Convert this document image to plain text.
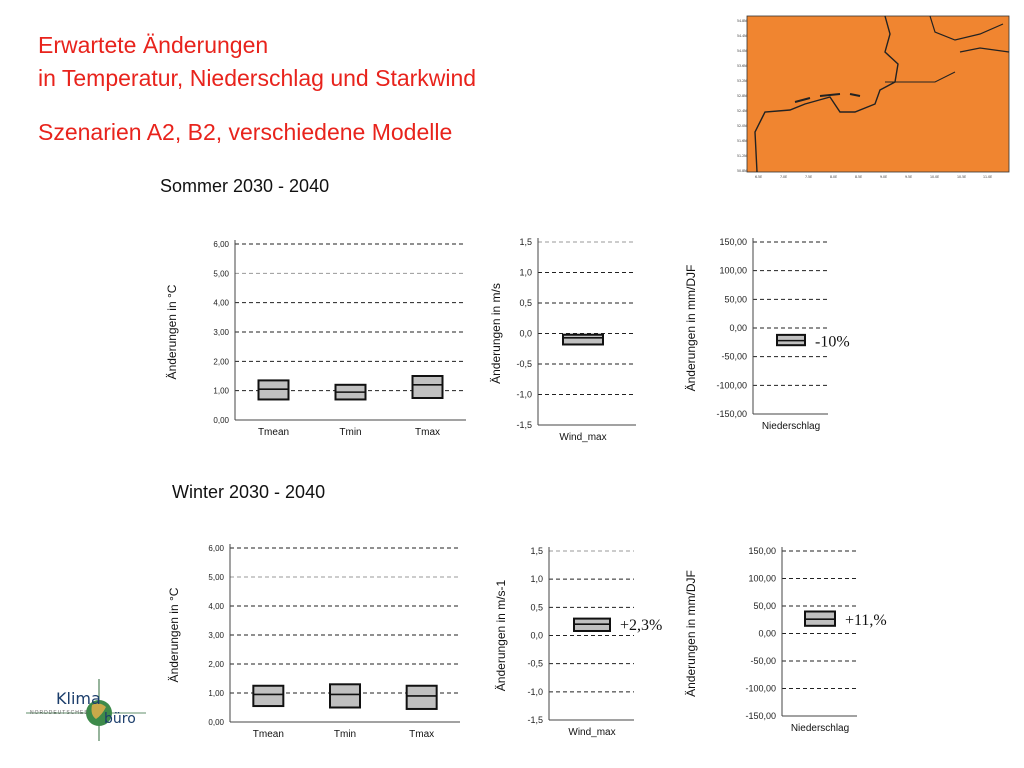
Erwartete Änderungen
in Temperatur, Niederschlag und Starkwind
Szenarien A2, B2, verschiedene Modelle
Sommer 2030 - 2040
Winter 2030 - 2040
54.8N
54.4N
54.0N
53.6N
53.2N
52.8N
52.4N
52.0N
51.6N
51.2N
50.8N
6.5E	7.0E	7.5E	8.0E	8.5E	9.0E	9.5E	10.0E	10.5E	11.0E
6,00
5,00
4,00
3,00
2,00
1,00
0,00
Änderungen in °C
Tmean	Tmin	Tmax
1,5
1,0
0,5
0,0
-0,5
-1,0
-1,5
Änderungen in m/s
Wind_max
150,00
100,00
50,00
0,00
-50,00
-100,00
-150,00
Änderungen in mm/DJF
Niederschlag
-10%
6,00
5,00
4,00
3,00
2,00
1,00
0,00
Änderungen in °C
Tmean	Tmin	Tmax
1,5
1,0
0,5
0,0
-0,5
-1,0
-1,5
Änderungen in m/s-1
Wind_max
+2,3%
150,00
100,00
50,00
0,00
-50,00
-100,00
-150,00
Änderungen in mm/DJF
Niederschlag
+11,%
Klima
NORDDEUTSCHES büro
